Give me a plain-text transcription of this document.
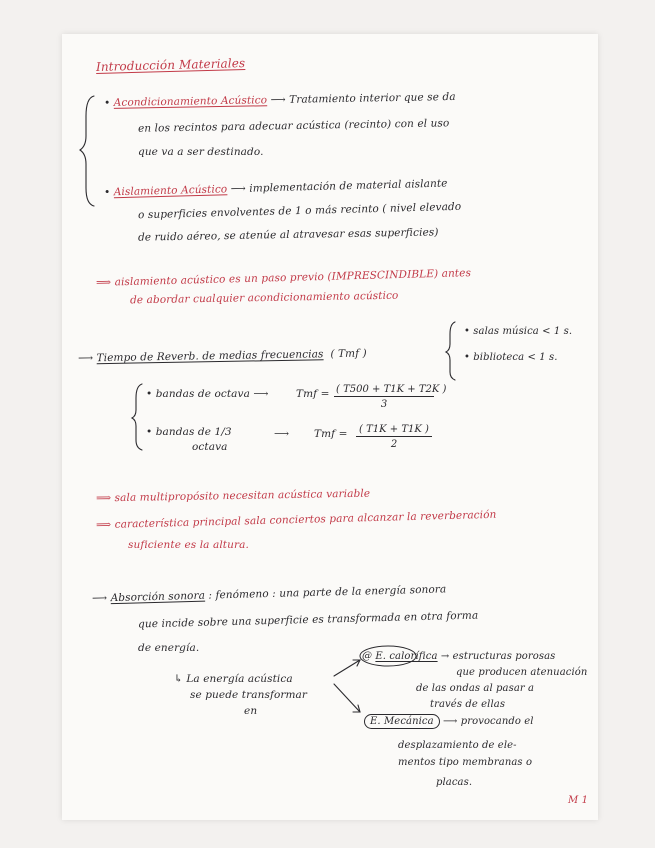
Introducción Materiales
• Acondicionamiento Acústico ⟶ Tratamiento interior que se da
en los recintos para adecuar acústica (recinto) con el uso
que va a ser destinado.
• Aislamiento Acústico ⟶ implementación de material aislante
o superficies envolventes de 1 o más recinto ( nivel elevado
de ruido aéreo, se atenúe al atravesar esas superficies)
⟹ aislamiento acústico es un paso previo (IMPRESCINDIBLE) antes
de abordar cualquier acondicionamiento acústico
⟶ Tiempo de Reverb. de medias frecuencias ( Tmf )
• salas música < 1 s.
• biblioteca < 1 s.
• bandas de octava ⟶	Tmf = $\frac{( T500 + T1K + T2K )}{3}$
• bandas de 1/3
octava
⟶ Tmf = $\frac{( T1K + T1K )}{2}$
⟹ sala multipropósito necesitan acústica variable
⟹ característica principal sala conciertos para alcanzar la reverberación
suficiente es la altura.
⟶ Absorción sonora : fenómeno : una parte de la energía sonora
que incide sobre una superficie es transformada en otra forma
de energía.
↳ La energía acústica
se puede transformar
en
@ E. calorífica → estructuras porosas
que producen atenuación
de las ondas al pasar a
través de ellas
E. Mecánica ⟶ provocando el
desplazamiento de ele-
mentos tipo membranas o
placas.
M 1
